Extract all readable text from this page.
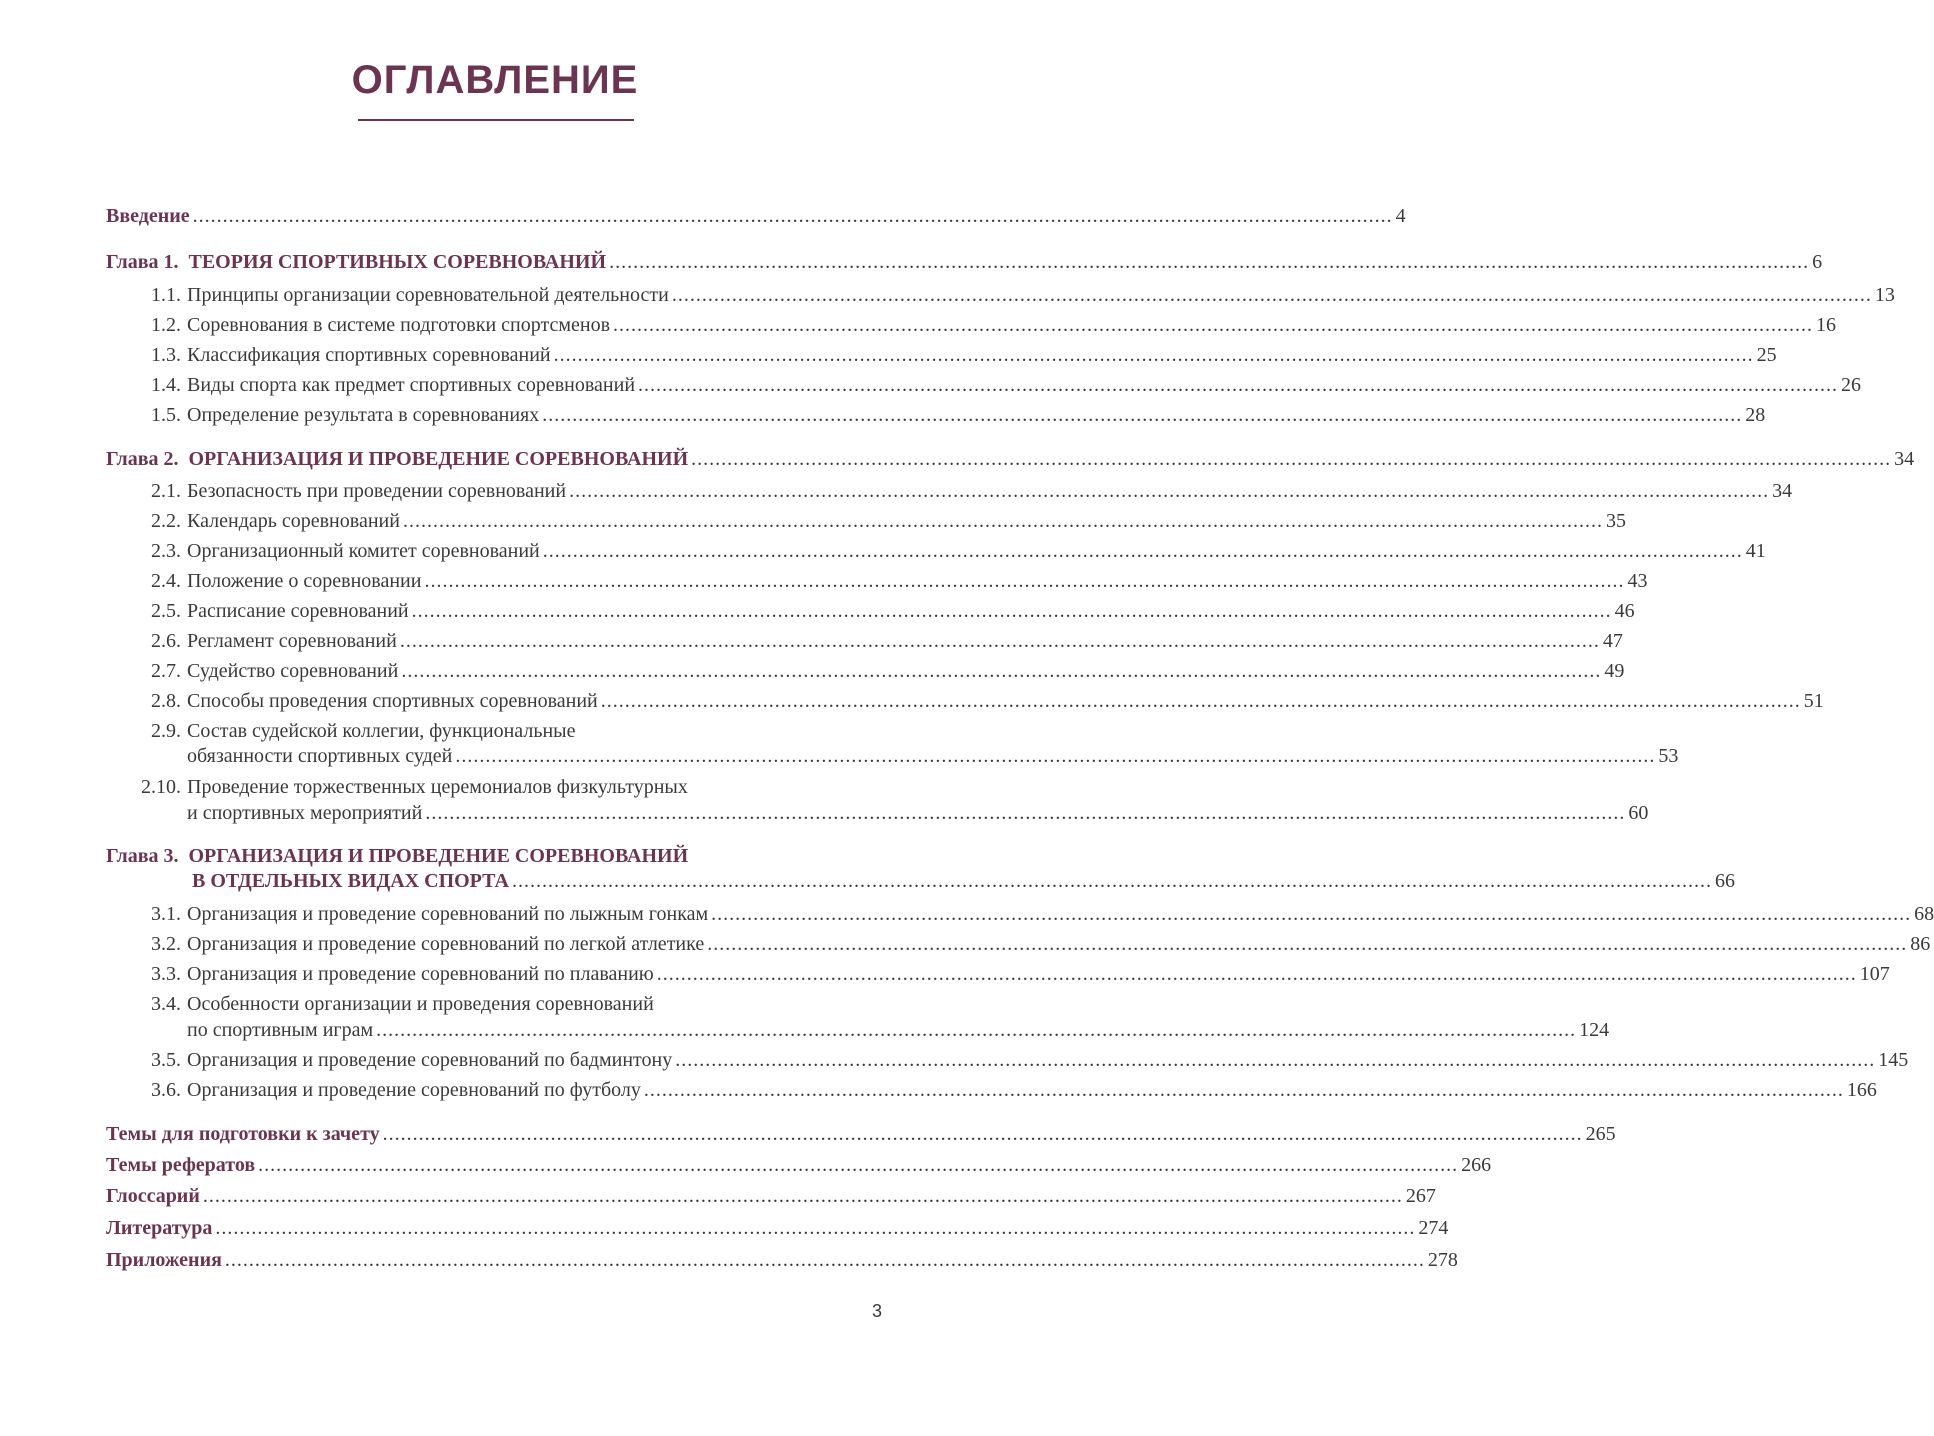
ОГЛАВЛЕНИЕ
Введение ........................................................................................................................................................................................................ 4
Глава 1. ТЕОРИЯ СПОРТИВНЫХ СОРЕВНОВАНИЙ ........................................................................................................................................................................................................ 6
1.1. Принципы организации соревновательной деятельности ........................................................................................................................................................................................................ 13
1.2. Соревнования в системе подготовки спортсменов ........................................................................................................................................................................................................ 16
1.3. Классификация спортивных соревнований ........................................................................................................................................................................................................ 25
1.4. Виды спорта как предмет спортивных соревнований ........................................................................................................................................................................................................ 26
1.5. Определение результата в соревнованиях ........................................................................................................................................................................................................ 28
Глава 2. ОРГАНИЗАЦИЯ И ПРОВЕДЕНИЕ СОРЕВНОВАНИЙ ........................................................................................................................................................................................................ 34
2.1. Безопасность при проведении соревнований ........................................................................................................................................................................................................ 34
2.2. Календарь соревнований ........................................................................................................................................................................................................ 35
2.3. Организационный комитет соревнований ........................................................................................................................................................................................................ 41
2.4. Положение о соревновании ........................................................................................................................................................................................................ 43
2.5. Расписание соревнований ........................................................................................................................................................................................................ 46
2.6. Регламент соревнований ........................................................................................................................................................................................................ 47
2.7. Судейство соревнований ........................................................................................................................................................................................................ 49
2.8. Способы проведения спортивных соревнований ........................................................................................................................................................................................................ 51
2.9. Состав судейской коллегии, функциональные
обязанности спортивных судей ........................................................................................................................................................................................................ 53
2.10. Проведение торжественных церемониалов физкультурных
и спортивных мероприятий ........................................................................................................................................................................................................ 60
Глава 3. ОРГАНИЗАЦИЯ И ПРОВЕДЕНИЕ СОРЕВНОВАНИЙ
В ОТДЕЛЬНЫХ ВИДАХ СПОРТА ........................................................................................................................................................................................................ 66
3.1. Организация и проведение соревнований по лыжным гонкам ........................................................................................................................................................................................................ 68
3.2. Организация и проведение соревнований по легкой атлетике ........................................................................................................................................................................................................ 86
3.3. Организация и проведение соревнований по плаванию ........................................................................................................................................................................................................ 107
3.4. Особенности организации и проведения соревнований
по спортивным играм ........................................................................................................................................................................................................ 124
3.5. Организация и проведение соревнований по бадминтону ........................................................................................................................................................................................................ 145
3.6. Организация и проведение соревнований по футболу ........................................................................................................................................................................................................ 166
Темы для подготовки к зачету ........................................................................................................................................................................................................ 265
Темы рефератов ........................................................................................................................................................................................................ 266
Глоссарий ........................................................................................................................................................................................................ 267
Литература ........................................................................................................................................................................................................ 274
Приложения ........................................................................................................................................................................................................ 278
3
